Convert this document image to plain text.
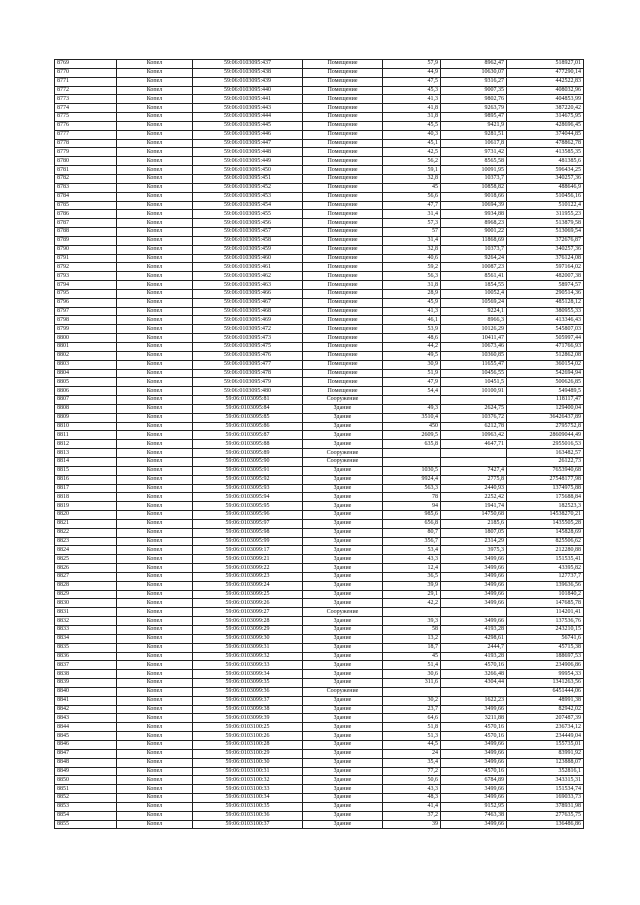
8769	Копел	59:06:0103095:437	Помещение	57,9	8962,47	518927,01
8770	Копел	59:06:0103095:438	Помещение	44,9	10630,07	477290,14
8771	Копел	59:06:0103095:439	Помещение	47,5	9316,27	442522,83
8772	Копел	59:06:0103095:440	Помещение	45,3	9007,35	408032,96
8773	Копел	59:06:0103095:441	Помещение	41,3	9802,76	404853,99
8774	Копел	59:06:0103095:443	Помещение	41,8	9263,79	387220,42
8775	Копел	59:06:0103095:444	Помещение	31,8	9895,47	314675,95
8776	Копел	59:06:0103095:445	Помещение	45,5	9421,9	428696,45
8777	Копел	59:06:0103095:446	Помещение	40,3	9281,51	374044,85
8778	Копел	59:06:0103095:447	Помещение	45,1	10617,8	478862,78
8779	Копел	59:06:0103095:448	Помещение	42,5	9731,42	413585,35
8780	Копел	59:06:0103095:449	Помещение	56,2	8565,58	481385,6
8781	Копел	59:06:0103095:450	Помещение	59,1	10091,95	596434,25
8782	Копел	59:06:0103095:451	Помещение	32,8	10373,7	340257,36
8783	Копел	59:06:0103095:452	Помещение	45	10858,82	488646,9
8784	Копел	59:06:0103095:453	Помещение	56,6	9018,66	510456,16
8785	Копел	59:06:0103095:454	Помещение	47,7	10694,39	510122,4
8786	Копел	59:06:0103095:455	Помещение	31,4	9934,88	311955,23
8787	Копел	59:06:0103095:456	Помещение	57,3	8968,23	513879,58
8788	Копел	59:06:0103095:457	Помещение	57	9001,22	513069,54
8789	Копел	59:06:0103095:458	Помещение	31,4	11868,69	372676,87
8790	Копел	59:06:0103095:459	Помещение	32,8	10373,7	340257,36
8791	Копел	59:06:0103095:460	Помещение	40,6	9264,24	376124,08
8792	Копел	59:06:0103095:461	Помещение	59,2	10087,23	597164,02
8793	Копел	59:06:0103095:462	Помещение	56,3	8561,41	482007,38
8794	Копел	59:06:0103095:463	Помещение	31,8	1854,55	58974,57
8795	Копел	59:06:0103095:466	Помещение	28,9	10052,4	290514,36
8796	Копел	59:06:0103095:467	Помещение	45,9	10569,24	485128,12
8797	Копел	59:06:0103095:468	Помещение	41,3	9224,1	380955,33
8798	Копел	59:06:0103095:469	Помещение	46,1	8966,3	413346,43
8799	Копел	59:06:0103095:472	Помещение	53,9	10126,29	545807,03
8800	Копел	59:06:0103095:473	Помещение	48,6	10411,47	505997,44
8801	Копел	59:06:0103095:475	Помещение	44,2	10673,46	471766,93
8802	Копел	59:06:0103095:476	Помещение	49,5	10360,85	512862,08
8803	Копел	59:06:0103095:477	Помещение	30,9	11655,47	360154,02
8804	Копел	59:06:0103095:478	Помещение	51,9	10456,55	542694,94
8805	Копел	59:06:0103095:479	Помещение	47,9	10451,5	500626,85
8806	Копел	59:06:0103095:480	Помещение	54,4	10100,91	549489,5
8807	Копел	59:06:0103095:81	Сооружение			118117,47
8808	Копел	59:06:0103095:84	Здание	49,3	2624,75	129400,04
8809	Копел	59:06:0103095:85	Здание	3510,4	10376,72	36426437,89
8810	Копел	59:06:0103095:86	Здание	450	6212,78	2795752,8
8811	Копел	59:06:0103095:87	Здание	2609,5	10963,42	28609044,49
8812	Копел	59:06:0103095:88	Здание	635,8	4647,71	2955016,53
8813	Копел	59:06:0103095:89	Сооружение			163482,57
8814	Копел	59:06:0103095:90	Сооружение			26122,73
8815	Копел	59:06:0103095:91	Здание	1030,5	7427,4	7653940,68
8816	Копел	59:06:0103095:92	Здание	9924,4	2775,8	27548177,98
8817	Копел	59:06:0103095:93	Здание	563,3	2440,93	1374975,88
8818	Копел	59:06:0103095:94	Здание	78	2252,42	175688,84
8819	Копел	59:06:0103095:95	Здание	94	1941,74	182523,3
8820	Копел	59:06:0103095:96	Здание	985,6	14750,68	14538270,21
8821	Копел	59:06:0103095:97	Здание	656,8	2185,6	1435505,28
8822	Копел	59:06:0103095:98	Здание	80,7	1807,05	145828,69
8823	Копел	59:06:0103095:99	Здание	356,7	2314,29	825506,62
8824	Копел	59:06:0103099:17	Здание	53,4	3975,3	212280,88
8825	Копел	59:06:0103099:21	Здание	43,3	3499,66	151535,41
8826	Копел	59:06:0103099:22	Здание	12,4	3499,66	43395,82
8827	Копел	59:06:0103099:23	Здание	36,5	3499,66	127737,7
8828	Копел	59:06:0103099:24	Здание	39,9	3499,66	139636,56
8829	Копел	59:06:0103099:25	Здание	29,1	3499,66	101840,2
8830	Копел	59:06:0103099:26	Здание	42,2	3499,66	147685,78
8831	Копел	59:06:0103099:27	Сооружение			114201,41
8832	Копел	59:06:0103099:28	Здание	39,3	3499,66	137536,76
8833	Копел	59:06:0103099:29	Здание	58	4193,28	243210,15
8834	Копел	59:06:0103099:30	Здание	13,2	4298,61	56741,6
8835	Копел	59:06:0103099:31	Здание	18,7	2444,7	45715,38
8836	Копел	59:06:0103099:32	Здание	45	4193,28	188697,53
8837	Копел	59:06:0103099:33	Здание	51,4	4570,16	234906,86
8838	Копел	59:06:0103099:34	Здание	30,6	3266,48	99954,33
8839	Копел	59:06:0103099:35	Здание	311,6	4304,44	1341263,56
8840	Копел	59:06:0103099:36	Сооружение			6451444,06
8841	Копел	59:06:0103099:37	Здание	30,2	1622,23	48991,38
8842	Копел	59:06:0103099:38	Здание	23,7	3499,66	82942,02
8843	Копел	59:06:0103099:39	Здание	64,6	3211,88	207487,39
8844	Копел	59:06:0103100:25	Здание	51,8	4570,16	236734,12
8845	Копел	59:06:0103100:26	Здание	51,3	4570,16	234449,04
8846	Копел	59:06:0103100:28	Здание	44,5	3499,66	155735,01
8847	Копел	59:06:0103100:29	Здание	24	3499,66	83991,92
8848	Копел	59:06:0103100:30	Здание	35,4	3499,66	123888,07
8849	Копел	59:06:0103100:31	Здание	77,2	4570,16	352816,1
8850	Копел	59:06:0103100:32	Здание	50,6	6784,89	343315,31
8851	Копел	59:06:0103100:33	Здание	43,3	3499,66	151534,74
8852	Копел	59:06:0103100:34	Здание	48,3	3499,66	169033,73
8853	Копел	59:06:0103100:35	Здание	41,4	9152,95	378931,98
8854	Копел	59:06:0103100:36	Здание	37,2	7463,38	277635,75
8855	Копел	59:06:0103100:37	Здание	39	3499,66	136486,86
